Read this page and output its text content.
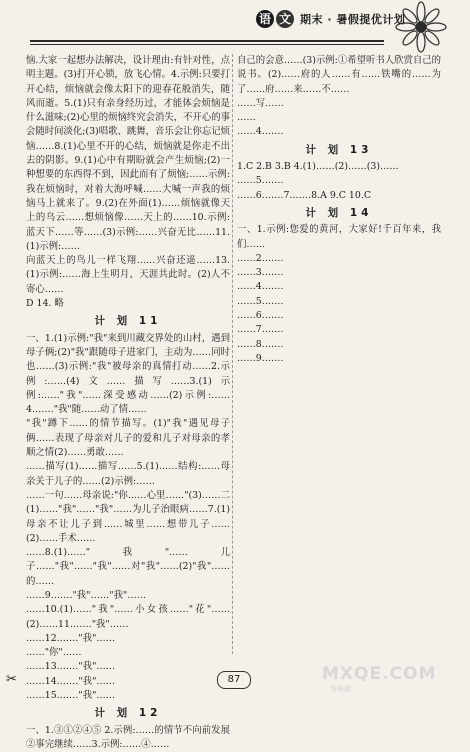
语 文 期末 · 暑假提优计划

恼.大家一起想办法解决，设计理由:有针对性，点明主题。(3)打开心锁，放飞心情。4.示例:只要打开心结，烦恼就会像太阳下的迎春花般消失，随风而逝。5.(1)只有亲身经历过，才能体会烦恼是什么滋味;(2)心里的烦恼终究会消失，不开心的事会随时间淡化;(3)唱歌、跳舞，音乐会让你忘记烦恼……8.(1)心里不开的心结，烦恼就是你走不出去的阴影。9.(1)心中有期盼就会产生烦恼;(2)一种想要的东西得不到，因此而有了烦恼;……示例:我在烦恼时，对着大海呼喊……大喊一声我的烦恼马上就来了。9.(2)在外面(1)……烦恼就像天上的乌云……想烦恼像……天上的……10.示例:蓝天下……等……(3)示例:……兴奋无比……11.(1)示例:……

向蓝天上的鸟儿一样飞翔……兴奋还遥……13.(1)示例:……海上生明月，天涯共此时。(2)人不寄心……

D 14. 略

计 划 11

一、1.(1)示例:"我"来到川藏交界处的山村，遇到母子俩;(2)"我"跟随母子进家门，主动为……同时也……(3)示例:"我"被母亲的真情打动……2.示例:……(4)文……描写……3.(1)示例:……"我"……深受感动……(2)示例:……4.……"我"随……动了情……

"我"蹲下……的情节描写。(1)"我"遇见母子俩……表现了母亲对儿子的爱和儿子对母亲的孝顺之情(2)……勇敢……

……描写(1)……描写……5.(1)……结构:……母亲关于儿子的……(2)示例:……

……一句……母亲说:"你……心里……"(3)……二(1)……"我"……"我"……为儿子治眼病……7.(1)母亲不让儿子到……城里……想带儿子……(2)……手术……

……8.(1)……"我"……儿子……"我"……"我"……对"我"……(2)"我"……的……

……9.……"我"……"我"……

……10.(1)……"我"……小女孩……"花"……(2)……11.……"我"……

……12.……"我"……

……"你"……

……13.……"我"……

……14.……"我"……

……15.……"我"……

计 划 12

一、1.③①②④⑤ 2.示例:……的情节不向前发展 ②事完继续……3.示例:……④……

自己的会意……(3)示例:①希望听书人欣赏自己的说书。(2)……府的人……有……铁嘴的……为了……府……来……不……

……写……

……

……4.……

计 划 13

1.C 2.B 3.B 4.(1)……(2)……(3)……

……5.……

……6.……7.……8.A 9.C 10.C

计 划 14

一、1.示例:您爱的黄河，大家好!千百年来，我们……

……2.……

……3.……

……4.……

……5.……

……6.……

……7.……

……8.……

……9.……

✂	87	MXQE.COM
答案圈
